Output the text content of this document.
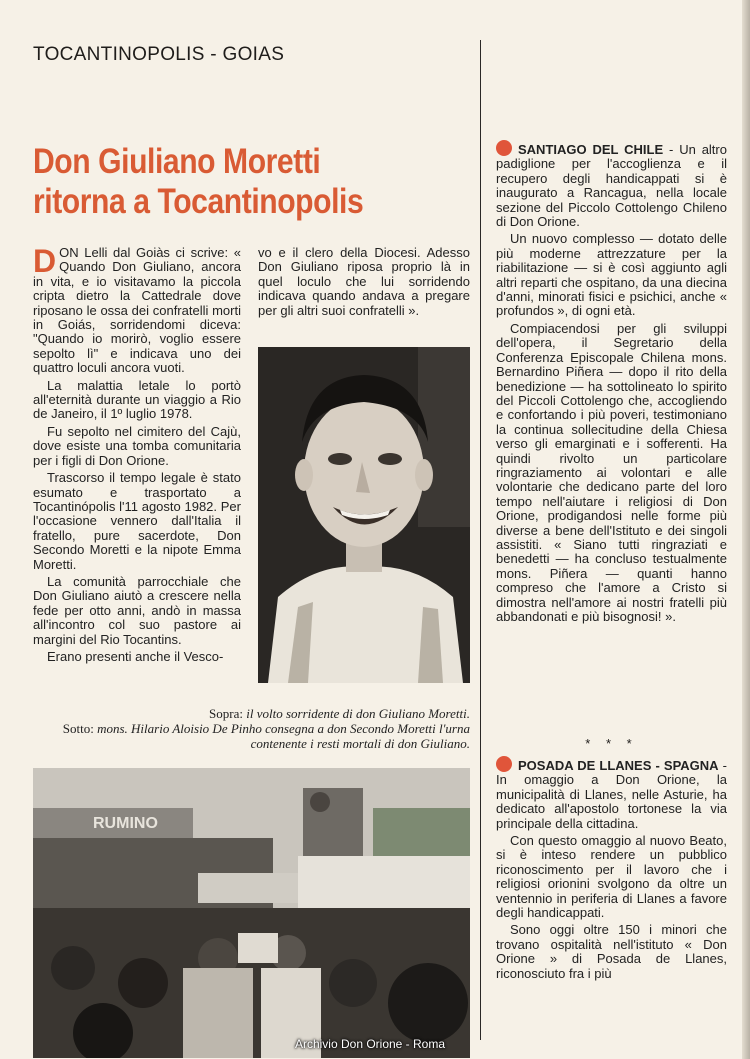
TOCANTINOPOLIS - GOIAS
Don Giuliano Moretti
ritorna a Tocantinopolis

DON Lelli dal Goiàs ci scrive: « Quando Don Giuliano, ancora in vita, e io visitavamo la piccola cripta dietro la Cattedrale dove riposano le ossa dei confratelli morti in Goiás, sorridendomi diceva: "Quando io morirò, voglio essere sepolto lì" e indicava uno dei quattro loculi ancora vuoti.

La malattia letale lo portò all'eternità durante un viaggio a Rio de Janeiro, il 1º luglio 1978.

Fu sepolto nel cimitero del Cajù, dove esiste una tomba comunitaria per i figli di Don Orione.

Trascorso il tempo legale è stato esumato e trasportato a Tocantinópolis l'11 agosto 1982. Per l'occasione vennero dall'Italia il fratello, pure sacerdote, Don Secondo Moretti e la nipote Emma Moretti.

La comunità parrocchiale che Don Giuliano aiutò a crescere nella fede per otto anni, andò in massa all'incontro col suo pastore ai margini del Rio Tocantins.

Erano presenti anche il Vesco-

vo e il clero della Diocesi. Adesso Don Giuliano riposa proprio là in quel loculo che lui sorridendo indicava quando andava a pregare per gli altri suoi confratelli ».

Sopra: il volto sorridente di don Giuliano Moretti.
Sotto: mons. Hilario Aloisio De Pinho consegna a don Secondo Moretti l'urna contenente i resti mortali di don Giuliano.
RUMINO

SANTIAGO DEL CHILE - Un altro padiglione per l'accoglienza e il recupero degli handicappati si è inaugurato a Rancagua, nella locale sezione del Piccolo Cottolengo Chileno di Don Orione.

Un nuovo complesso — dotato delle più moderne attrezzature per la riabilitazione — si è così aggiunto agli altri reparti che ospitano, da una diecina d'anni, minorati fisici e psichici, anche « profundos », di ogni età.

Compiacendosi per gli sviluppi dell'opera, il Segretario della Conferenza Episcopale Chilena mons. Bernardino Piñera — dopo il rito della benedizione — ha sottolineato lo spirito del Piccoli Cottolengo che, accogliendo e confortando i più poveri, testimoniano la continua sollecitudine della Chiesa verso gli emarginati e i sofferenti. Ha quindi rivolto un particolare ringraziamento ai volontari e alle volontarie che dedicano parte del loro tempo nell'aiutare i religiosi di Don Orione, prodigandosi nelle forme più diverse a bene dell'Istituto e dei singoli assistiti. « Siano tutti ringraziati e benedetti — ha concluso testualmente mons. Piñera — quanti hanno compreso che l'amore a Cristo si dimostra nell'amore ai nostri fratelli più abbandonati e più bisognosi! ».

* * *

POSADA DE LLANES - SPAGNA - In omaggio a Don Orione, la municipalità di Llanes, nelle Asturie, ha dedicato all'apostolo tortonese la via principale della cittadina.

Con questo omaggio al nuovo Beato, si è inteso rendere un pubblico riconoscimento per il lavoro che i religiosi orionini svolgono da oltre un ventennio in periferia di Llanes a favore degli handicappati.

Sono oggi oltre 150 i minori che trovano ospitalità nell'istituto « Don Orione » di Posada de Llanes, riconosciuto fra i più

Archivio Don Orione - Roma
